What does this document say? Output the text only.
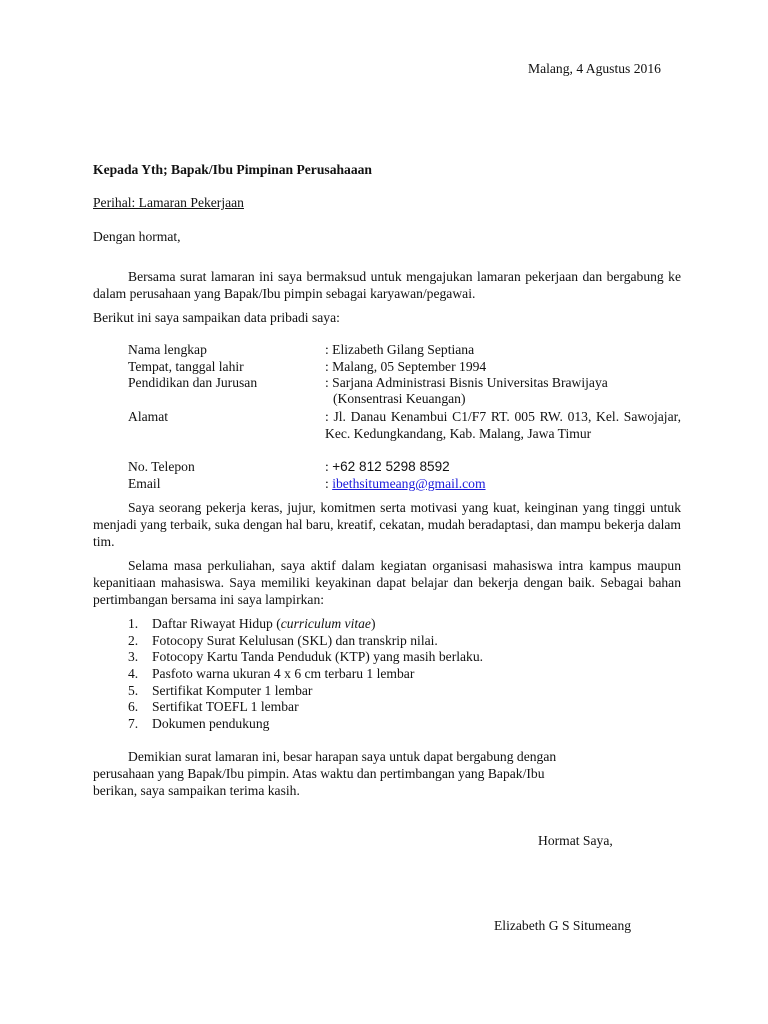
Malang, 4 Agustus 2016
Kepada Yth; Bapak/Ibu Pimpinan Perusahaaan
Perihal: Lamaran Pekerjaan
Dengan hormat,
Bersama surat lamaran ini saya bermaksud untuk mengajukan lamaran pekerjaan dan bergabung ke dalam perusahaan yang Bapak/Ibu pimpin sebagai karyawan/pegawai.
Berikut ini saya sampaikan data pribadi saya:
Nama lengkap	: Elizabeth Gilang Septiana
Tempat, tanggal lahir	: Malang, 05 September 1994
Pendidikan dan Jurusan	: Sarjana Administrasi Bisnis Universitas Brawijaya
(Konsentrasi Keuangan)
Alamat	: Jl. Danau Kenambui C1/F7 RT. 005 RW. 013, Kel. Sawojajar, Kec. Kedungkandang, Kab. Malang, Jawa Timur
No. Telepon	: +62 812 5298 8592
Email	: ibethsitumeang@gmail.com
Saya seorang pekerja keras, jujur, komitmen serta motivasi yang kuat, keinginan yang tinggi untuk menjadi yang terbaik, suka dengan hal baru, kreatif, cekatan, mudah beradaptasi, dan mampu bekerja dalam tim.
Selama masa perkuliahan, saya aktif dalam kegiatan organisasi mahasiswa intra kampus maupun kepanitiaan mahasiswa. Saya memiliki keyakinan dapat belajar dan bekerja dengan baik. Sebagai bahan pertimbangan bersama ini saya lampirkan:
1. Daftar Riwayat Hidup (curriculum vitae)
2. Fotocopy Surat Kelulusan (SKL) dan transkrip nilai.
3. Fotocopy Kartu Tanda Penduduk (KTP) yang masih berlaku.
4. Pasfoto warna ukuran 4 x 6 cm terbaru 1 lembar
5. Sertifikat Komputer 1 lembar
6. Sertifikat TOEFL 1 lembar
7. Dokumen pendukung
Demikian surat lamaran ini, besar harapan saya untuk dapat bergabung dengan
perusahaan yang Bapak/Ibu pimpin. Atas waktu dan pertimbangan yang Bapak/Ibu
berikan, saya sampaikan terima kasih.
Hormat Saya,
Elizabeth G S Situmeang
